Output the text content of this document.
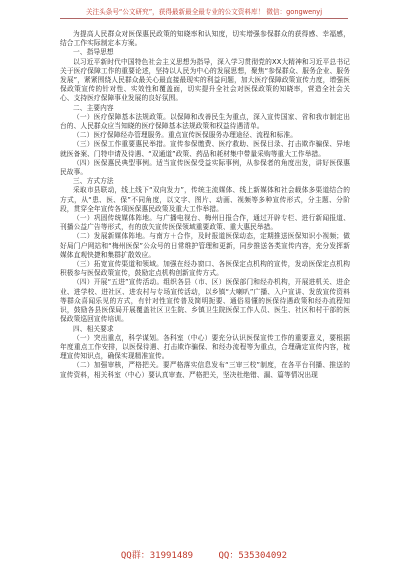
关注头条号“公文研究”，获得最新最全最专业的公文资料库！ 微信：gongwenyj

为提高人民群众对医保惠民政策的知晓率和认知度，切实增强参保群众的获得感、幸福感，结合工作实际制定本方案。

一、指导思想

以习近平新时代中国特色社会主义思想为指导，深入学习贯彻党的XX大精神和习近平总书记关于医疗保障工作的重要论述，坚持以人民为中心的发展思想，聚焦“参保群众、服务企业、服务发展”，紧紧围绕人民群众最关心最直接最现实的利益问题，加大医疗保障政策宣传力度，增强医保政策宣传的针对性、实效性和覆盖面，切实提升全社会对医保政策的知晓率，营造全社会关心、支持医疗保障事业发展的良好氛围。

二、主要内容

（一）医疗保障基本法规政策。以保障和改善民生为重点，深入宣传国家、省和我市制定出台的、人民群众应当知晓的医疗保障基本法规政策和权益待遇清单。

（二）医疗保障经办管理服务。重点宣传医保服务办理途径、流程和标准。

（三）医保工作重要惠民举措。宣传参保缴费、医疗救助、医保目录、打击欺诈骗保、异地就医备案、门特申请及待遇、“双通道”政策、药品和耗材集中带量采购等重大工作举措。

（四）医保惠民典型事例。适当宣传医保受益实际事例，从参保者的角度出发，讲好医保惠民故事。

三、方式方法

采取市县联动，线上线下“双向发力”，传统主流媒体、线上新媒体和社会载体多渠道结合的方式，从“患、医、保”不同角度，以文字、图片、动画、视频等多种宣传形式，分主题、分阶段，贯穿全年宣传各项医保惠民政策及重大工作举措。

（一）巩固传统媒体阵地。与广播电视台、梅州日报合作，通过开辟专栏、进行新闻报道、刊播公益广告等形式，有的放矢宣传医保领域重要政策、重大惠民举措。

（二）发展新媒体阵地。与南方＋合作，及时报道医保动态，定期推送医保知识小视频；做好局门户网站和“梅州医保”公众号的日常维护管理和更新，同步推送各类宣传内容，充分发挥新媒体直观快捷和集群扩散效应。

（三）拓宽宣传渠道和领域。加强在经办窗口、各医保定点机构的宣传，发动医保定点机构积极参与医保政策宣传，鼓励定点机构创新宣传方式。

（四）开展“五进”宣传活动。组织各县（市、区）医保部门和经办机构，开展进机关、进企业、进学校、进社区、进农村与专场宣传活动，以乡镇“大喇叭”广播、入户宣讲、发放宣传资料等群众喜闻乐见的方式，有针对性宣传普及简明扼要、通俗易懂的医保待遇政策和经办流程知识，鼓励各县医保局开展覆盖社区卫生院、乡镇卫生院医保工作人员、医生、社区和村干部的医保政策巡回宣传培训。

四、相关要求

（一）突出重点，科学谋划。各科室（中心）要充分认识医保宣传工作的重要意义，要根据年度重点工作安排，以医保待遇、打击欺诈骗保、和经办流程等为重点，合理确定宣传内容，梳理宣传知识点，确保实现精准宣传。

（二）加强审核，严格把关。要严格落实信息发布“三审三校”制度，在各平台刊播、推送的宣传资料，相关科室（中心）要认真审查、严格把关，坚决杜绝错、漏、篇等情况出现

QQ群：31991489	QQ：535304092
